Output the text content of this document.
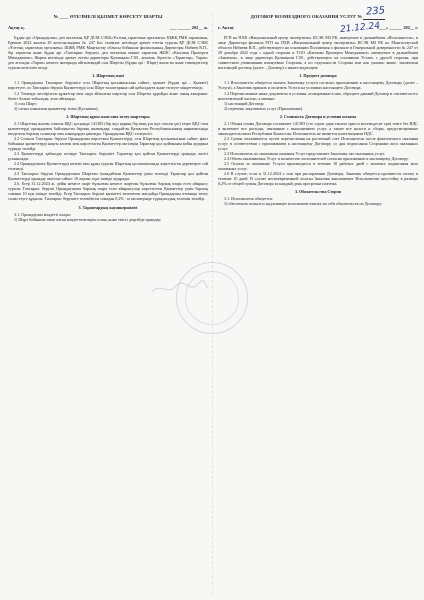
№ ____ ӨТЕЛМЕЛІ ҚЫЗМЕТ КӨРСЕТУ ШАРТЫ
Ақтау қ.	___ ______ 202__ ж.

Бұдан әрі «Орындаушы» деп аталатын, ҚР ДСМ СЭБК«Ұлттық сараптама орталығы» ШЖҚ РМК тарапынан, Ерекше 2022 жылғы 29 желтоқсандағы № 247 Бас сенімхат негізінде әрекет ететін туралы ҚР ДСМ СЭБК «Ұлттық сараптама орталығы» ШЖҚ РМК Маңғыстау облысы бойынша филиалының Директоры Набиев В.П., бір тараптан және бұдан әрі «Тапсырыс беруші» деп аталатын екінші тараптан ЖШС «Каспиан Проперти Менеджмент» Жарғы негізінде әрекет ететін директоры Қаламқали Г.М., ауызша, бірлесіп «Тараптар», Тарап» деп аталады «Тарап» немесе жоғарыда айтылғандай осы Шартты (бұдан әрі - Шарт) жасасты және төмендегілер туралы келісімге келді:

1. Шарттың мәні

1.1 Орындаушы Тапсырыс берушіге осы Шарттың қосымшасына сәйкес, қызмет (бұдан әрі – Қызмет) көрсетуге, ал Тапсырыс беруші Қызметтерді осы Шарт талаптарына сай қабылдауға және төлеуге міндеттенеді.

1.2 Төменде келтірілген құжаттар мен онда айтылған шарттар осы Шартты құрайды және оның ажырамас бөлігі болып табылады, атап айтқанда:

1) осы Шарт;

2) сатып алынатын қызметтер тізімі (Қосымша);

2. Шарттың құны және оны төлеу шарттары

2.1 Шарттың жалпы сомасы ҚҚС қосқанда 141383 (бір жүз қырық бір мың үш жүз сексен үш) теңге ҚҚС-пен қызметтерді орындаумен байланысты барлық шығындар, сондай-ақ Қазақстан Республикасының заңнамасында көзделген барлық салықтар мен алымдарды қамтиды. Орындаушы ҚҚС төлеушісі.

2.2 Сомасы Тапсырыс беруші Орындаушы көрсеткен Қызметтерді, осы Шарттың қосымшасына сәйкес факт бойынша қызметтерді нақты көлемі мен көрсетілген Қызметтер актілерін Тараптар қол қойғаннан кейін аударым түрінде төлейді.

2.3 Қызметтерді қабылдау кезінде Тапсырыс берушіге Тараптар қол қойған Қызметтерді орындау актісі ұсынылады.

2.4 Орындаушыға Қызметтерді көлемі мен құны туралы Шарттың қосымшасында көрсетілген деректерге сай төленеді.

2.5 Тапсырыс беруші Орындаушыға Шарттан туындайтын Қызметтер үшін төлемді Тараптар қол қойған Қызметтерді орындау актісіне сәйкес 10 жұмыс күні ішінде аударады.

2.6. Егер 31.12.2024 ж. дейін немесе шарт бұзылған немесе шарттан бұзылған барлық өзара есеп айырысу туралы Тапсырыс беруші Орындаушыға барлық өзара есеп айырысулар көрсетілген Қызметтер үшін барлық соманы 10 күн ішінде төлейді. Егер Тапсырыс беруші қызметті төлемеген жағдайда Орындаушы өтемақы төлеу талап етуге құқылы. Тапсырыс берушіге төленбеген сомадан 0,2% - ы мөлшерінде тұрақсыздық төлемін төлейді.

3. Тараптардың жауапкершілігі

3.1. Орындаушы міндетті алады:

1) Шарт бойынша өзіне алған міндеттемелерін толық және тиісті деңгейде орындау;

ДОГОВОР ВОЗМЕЗДНОГО ОКАЗАНИЯ УСЛУГ №
г. Актау	«___» ______ 202__ г.

РГП на ПХВ «Национальный центр экспертизы» КСЭК МЗ РК, именуемое в дальнейшем «Исполнитель», в лице Директора филиала РГП на ПХВ «Национальный центр экспертизы» КСЭК МЗ РК по Мангистауской области Набиева В.П., действующего на основании Положения о филиале и Генеральной доверенности № 247 от 29 декабря 2022 года с одной стороны и ТОО «Каспиан Проперти Менеджмент» именуемое в дальнейшем «Заказчик», в лице директора Қаламқали Г.М., действующего на основании Устава, с другой стороны, при совместном упоминании именуемые Стороны, а по отдельности Сторона или как указано выше, заключили настоящий договор (далее – Договор) о нижеследующем:

1. Предмет договора

1.1 Исполнитель обязуется оказать Заказчику услуги согласно приложению к настоящему Договору (далее – Услуги), а Заказчик принять и оплатить Услуги на условиях настоящего Договора.

1.2 Перечисленные ниже документы и условия, оговоренные в них, образуют данный Договор и считаются его неотъемлемой частью, а именно:

1) настоящий Договор;

2) перечень закупаемых услуг (Приложение).

2. Стоимость Договора и условия оплаты

2.1 Общая сумма Договора составляет 141383 (сто сорок одна тысяча триста восемьдесят три) тенге без НДС и включает все расходы, связанные с выполнением услуг, а также все налоги и сборы, предусмотренные законодательством Республики Казахстан. Исполнитель не является плательщиком НДС.

2.2 Сумма оплачивается путем перечисления на расчетный счет Исполнителя после фактического оказания услуг, в соответствии с приложением к настоящему Договору, со дня подписания Сторонами акта оказанных услуг.

2.3 Исполнитель по окончании оказания Услуг представляет Заказчику акт оказанных услуг.

2.4 Объем оказываемых Услуг и количество исполнителей согласно приложению к настоящему Договору.

2.5 Оплата за оказанные Услуги производится в течение 10 рабочих дней с момента подписания акта оказанных услуг.

2.6 В случае, если к 31.12.2024 г. или при расторжении Договора, Заказчик обязуется произвести оплату в течение 10 дней. В случае несвоевременной оплаты Заказчик выплачивает Исполнителю неустойку в размере 0,2% от общей суммы Договора за каждый день просрочки платежа.

3. Обязательства Сторон

3.1. Исполнитель обязуется:

1) обеспечить полное и надлежащее исполнение взятых на себя обязательств по Договору;

235
21.12.24
